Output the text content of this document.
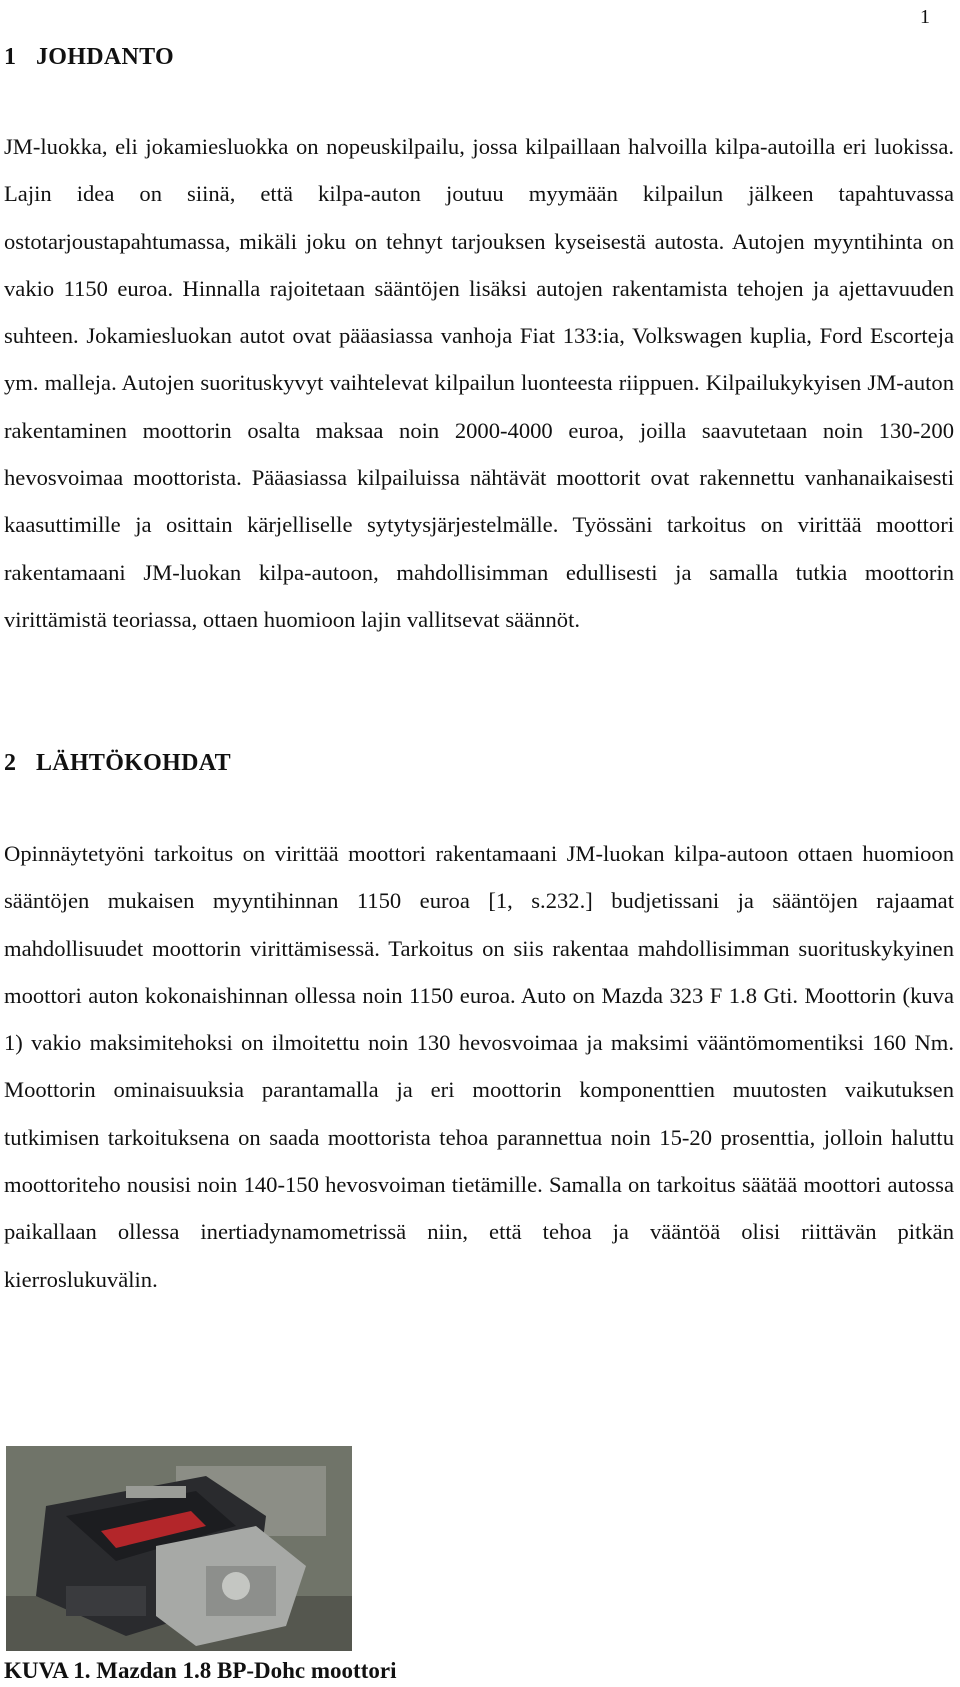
1
1 JOHDANTO

JM-luokka, eli jokamiesluokka on nopeuskilpailu, jossa kilpaillaan halvoilla kilpa-autoilla eri luokissa. Lajin idea on siinä, että kilpa-auton joutuu myymään kilpailun jälkeen tapahtuvassa ostotarjoustapahtumassa, mikäli joku on tehnyt tarjouksen kyseisestä autosta. Autojen myyntihinta on vakio 1150 euroa. Hinnalla rajoitetaan sääntöjen lisäksi autojen rakentamista tehojen ja ajettavuuden suhteen. Jokamiesluokan autot ovat pääasiassa vanhoja Fiat 133:ia, Volkswagen kuplia, Ford Escorteja ym. malleja. Autojen suorituskyvyt vaihtelevat kilpailun luonteesta riippuen. Kilpailukykyisen JM-auton rakentaminen moottorin osalta maksaa noin 2000-4000 euroa, joilla saavutetaan noin 130-200 hevosvoimaa moottorista. Pääasiassa kilpailuissa nähtävät moottorit ovat rakennettu vanhanaikaisesti kaasuttimille ja osittain kärjelliselle sytytysjärjestelmälle. Työssäni tarkoitus on virittää moottori rakentamaani JM-luokan kilpa-autoon, mahdollisimman edullisesti ja samalla tutkia moottorin virittämistä teoriassa, ottaen huomioon lajin vallitsevat säännöt.

2 LÄHTÖKOHDAT

Opinnäytetyöni tarkoitus on virittää moottori rakentamaani JM-luokan kilpa-autoon ottaen huomioon sääntöjen mukaisen myyntihinnan 1150 euroa [1, s.232.] budjetissani ja sääntöjen rajaamat mahdollisuudet moottorin virittämisessä. Tarkoitus on siis rakentaa mahdollisimman suorituskykyinen moottori auton kokonaishinnan ollessa noin 1150 euroa. Auto on Mazda 323 F 1.8 Gti. Moottorin (kuva 1) vakio maksimitehoksi on ilmoitettu noin 130 hevosvoimaa ja maksimi vääntömomentiksi 160 Nm. Moottorin ominaisuuksia parantamalla ja eri moottorin komponenttien muutosten vaikutuksen tutkimisen tarkoituksena on saada moottorista tehoa parannettua noin 15-20 prosenttia, jolloin haluttu moottoriteho nousisi noin 140-150 hevosvoiman tietämille. Samalla on tarkoitus säätää moottori autossa paikallaan ollessa inertiadynamometrissä niin, että tehoa ja vääntöä olisi riittävän pitkän kierroslukuvälin.

KUVA 1. Mazdan 1.8 BP-Dohc moottori
